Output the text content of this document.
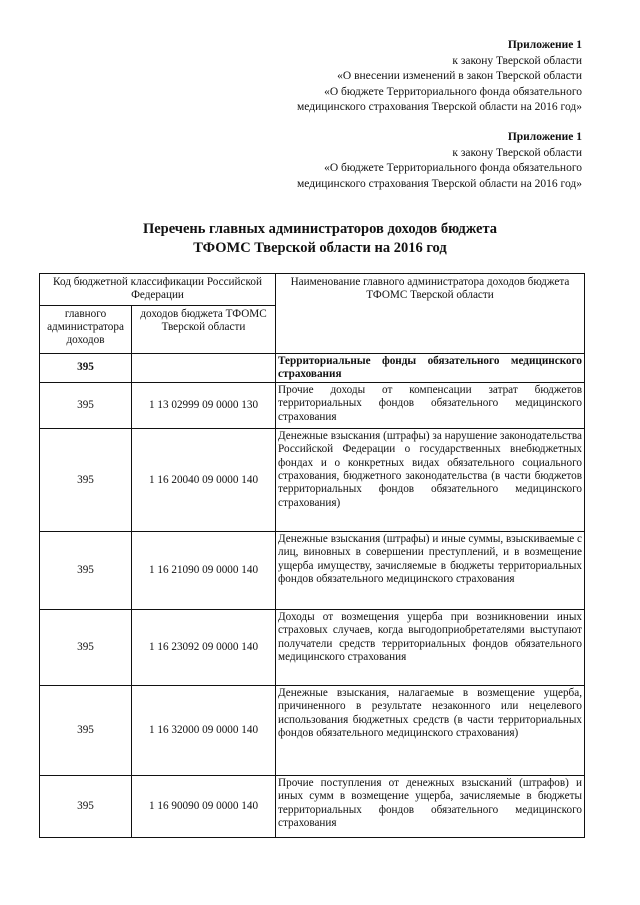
Приложение 1
к закону Тверской области
«О внесении изменений в закон Тверской области
«О бюджете Территориального фонда обязательного
медицинского страхования Тверской области на 2016 год»
Приложение 1
к закону Тверской области
«О бюджете Территориального фонда обязательного
медицинского страхования Тверской области на 2016 год»
Перечень главных администраторов доходов бюджета
ТФОМС Тверской области на 2016 год
Код бюджетной классификации Российской Федерации		Наименование главного администратора доходов бюджета ТФОМС Тверской области
главного администратора доходов	доходов бюджета ТФОМС Тверской области	
395		Территориальные фонды обязательного медицинского страхования
395	1 13 02999 09 0000 130	Прочие доходы от компенсации затрат бюджетов территориальных фондов обязательного медицинского страхования
395	1 16 20040 09 0000 140	Денежные взыскания (штрафы) за нарушение законодательства Российской Федерации о государственных внебюджетных фондах и о конкретных видах обязательного социального страхования, бюджетного законодательства (в части бюджетов территориальных фондов обязательного медицинского страхования)
395	1 16 21090 09 0000 140	Денежные взыскания (штрафы) и иные суммы, взыскиваемые с лиц, виновных в совершении преступлений, и в возмещение ущерба имуществу, зачисляемые в бюджеты территориальных фондов обязательного медицинского страхования
395	1 16 23092 09 0000 140	Доходы от возмещения ущерба при возникновении иных страховых случаев, когда выгодоприобретателями выступают получатели средств территориальных фондов обязательного медицинского страхования
395	1 16 32000 09 0000 140	Денежные взыскания, налагаемые в возмещение ущерба, причиненного в результате незаконного или нецелевого использования бюджетных средств (в части территориальных фондов обязательного медицинского страхования)
395	1 16 90090 09 0000 140	Прочие поступления от денежных взысканий (штрафов) и иных сумм в возмещение ущерба, зачисляемые в бюджеты территориальных фондов обязательного медицинского страхования
